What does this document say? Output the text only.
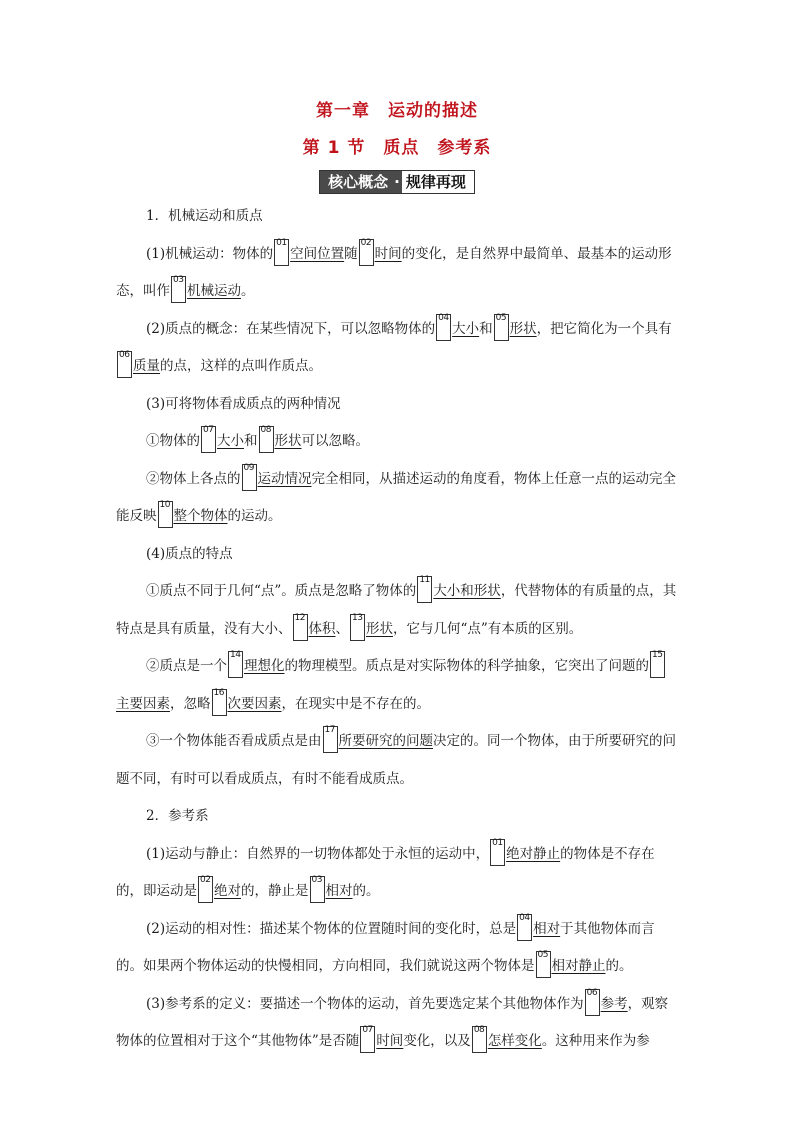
第一章　运动的描述
第 1 节　质点　参考系
核心概念 · 规律再现

1．机械运动和质点

(1)机械运动：物体的
01
空间位置随
02
时间的变化，是自然界中最简单、最基本的运动形态，叫作
03
机械运动。

(2)质点的概念：在某些情况下，可以忽略物体的
04
大小和
05
形状，把它简化为一个具有
06
质量的点，这样的点叫作质点。

(3)可将物体看成质点的两种情况

①物体的
07
大小和
08
形状可以忽略。

②物体上各点的
09
运动情况完全相同，从描述运动的角度看，物体上任意一点的运动完全能反映
10
整个物体的运动。

(4)质点的特点

①质点不同于几何“点”。质点是忽略了物体的
11
大小和形状，代替物体的有质量的点，其特点是具有质量，没有大小、
12
体积、
13
形状，它与几何“点”有本质的区别。

②质点是一个
14
理想化的物理模型。质点是对实际物体的科学抽象，它突出了问题的
15
主要因素，忽略
16
次要因素，在现实中是不存在的。

③一个物体能否看成质点是由
17
所要研究的问题决定的。同一个物体，由于所要研究的问题不同，有时可以看成质点，有时不能看成质点。

2．参考系

(1)运动与静止：自然界的一切物体都处于永恒的运动中，
01
绝对静止的物体是不存在的，即运动是
02
绝对的，静止是
03
相对的。

(2)运动的相对性：描述某个物体的位置随时间的变化时，总是
04
相对于其他物体而言的。如果两个物体运动的快慢相同，方向相同，我们就说这两个物体是
05
相对静止的。

(3)参考系的定义：要描述一个物体的运动，首先要选定某个其他物体作为
06
参考，观察物体的位置相对于这个“其他物体”是否随
07
时间变化，以及
08
怎样变化。这种用来作为参
